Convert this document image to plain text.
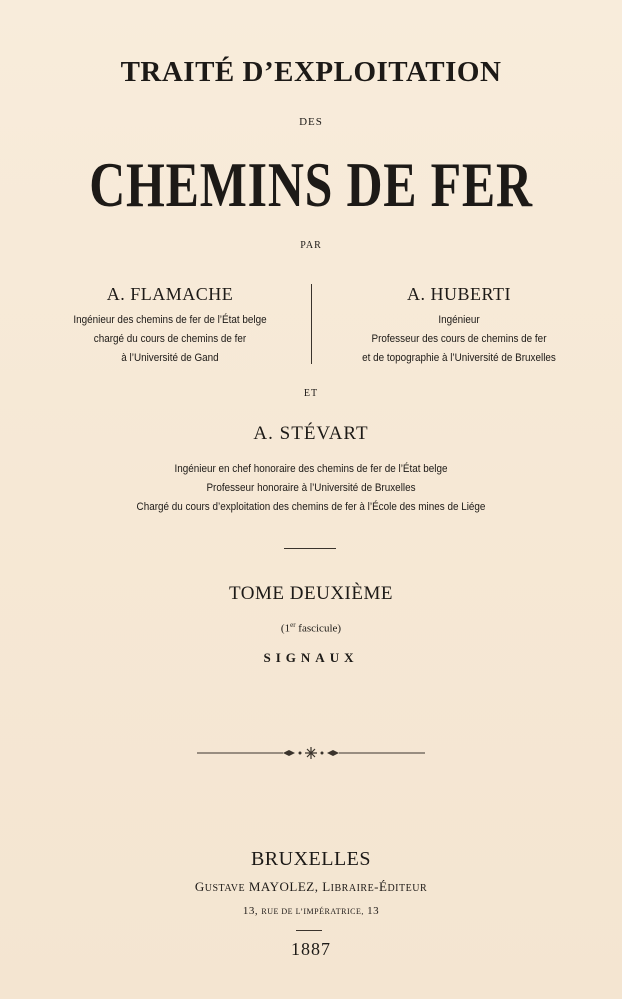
TRAITÉ D’EXPLOITATION
DES
CHEMINS DE FER
PAR
A. FLAMACHE
Ingénieur des chemins de fer de l’État belge
chargé du cours de chemins de fer
à l’Université de Gand
A. HUBERTI
Ingénieur
Professeur des cours de chemins de fer
et de topographie à l’Université de Bruxelles
ET
A. STÉVART
Ingénieur en chef honoraire des chemins de fer de l’État belge
Professeur honoraire à l’Université de Bruxelles
Chargé du cours d’exploitation des chemins de fer à l’École des mines de Liége
TOME DEUXIÈME
(1er fascicule)
SIGNAUX
BRUXELLES
GUSTAVE MAYOLEZ, LIBRAIRE-ÉDITEUR
13, RUE DE L’IMPÉRATRICE, 13
1887
